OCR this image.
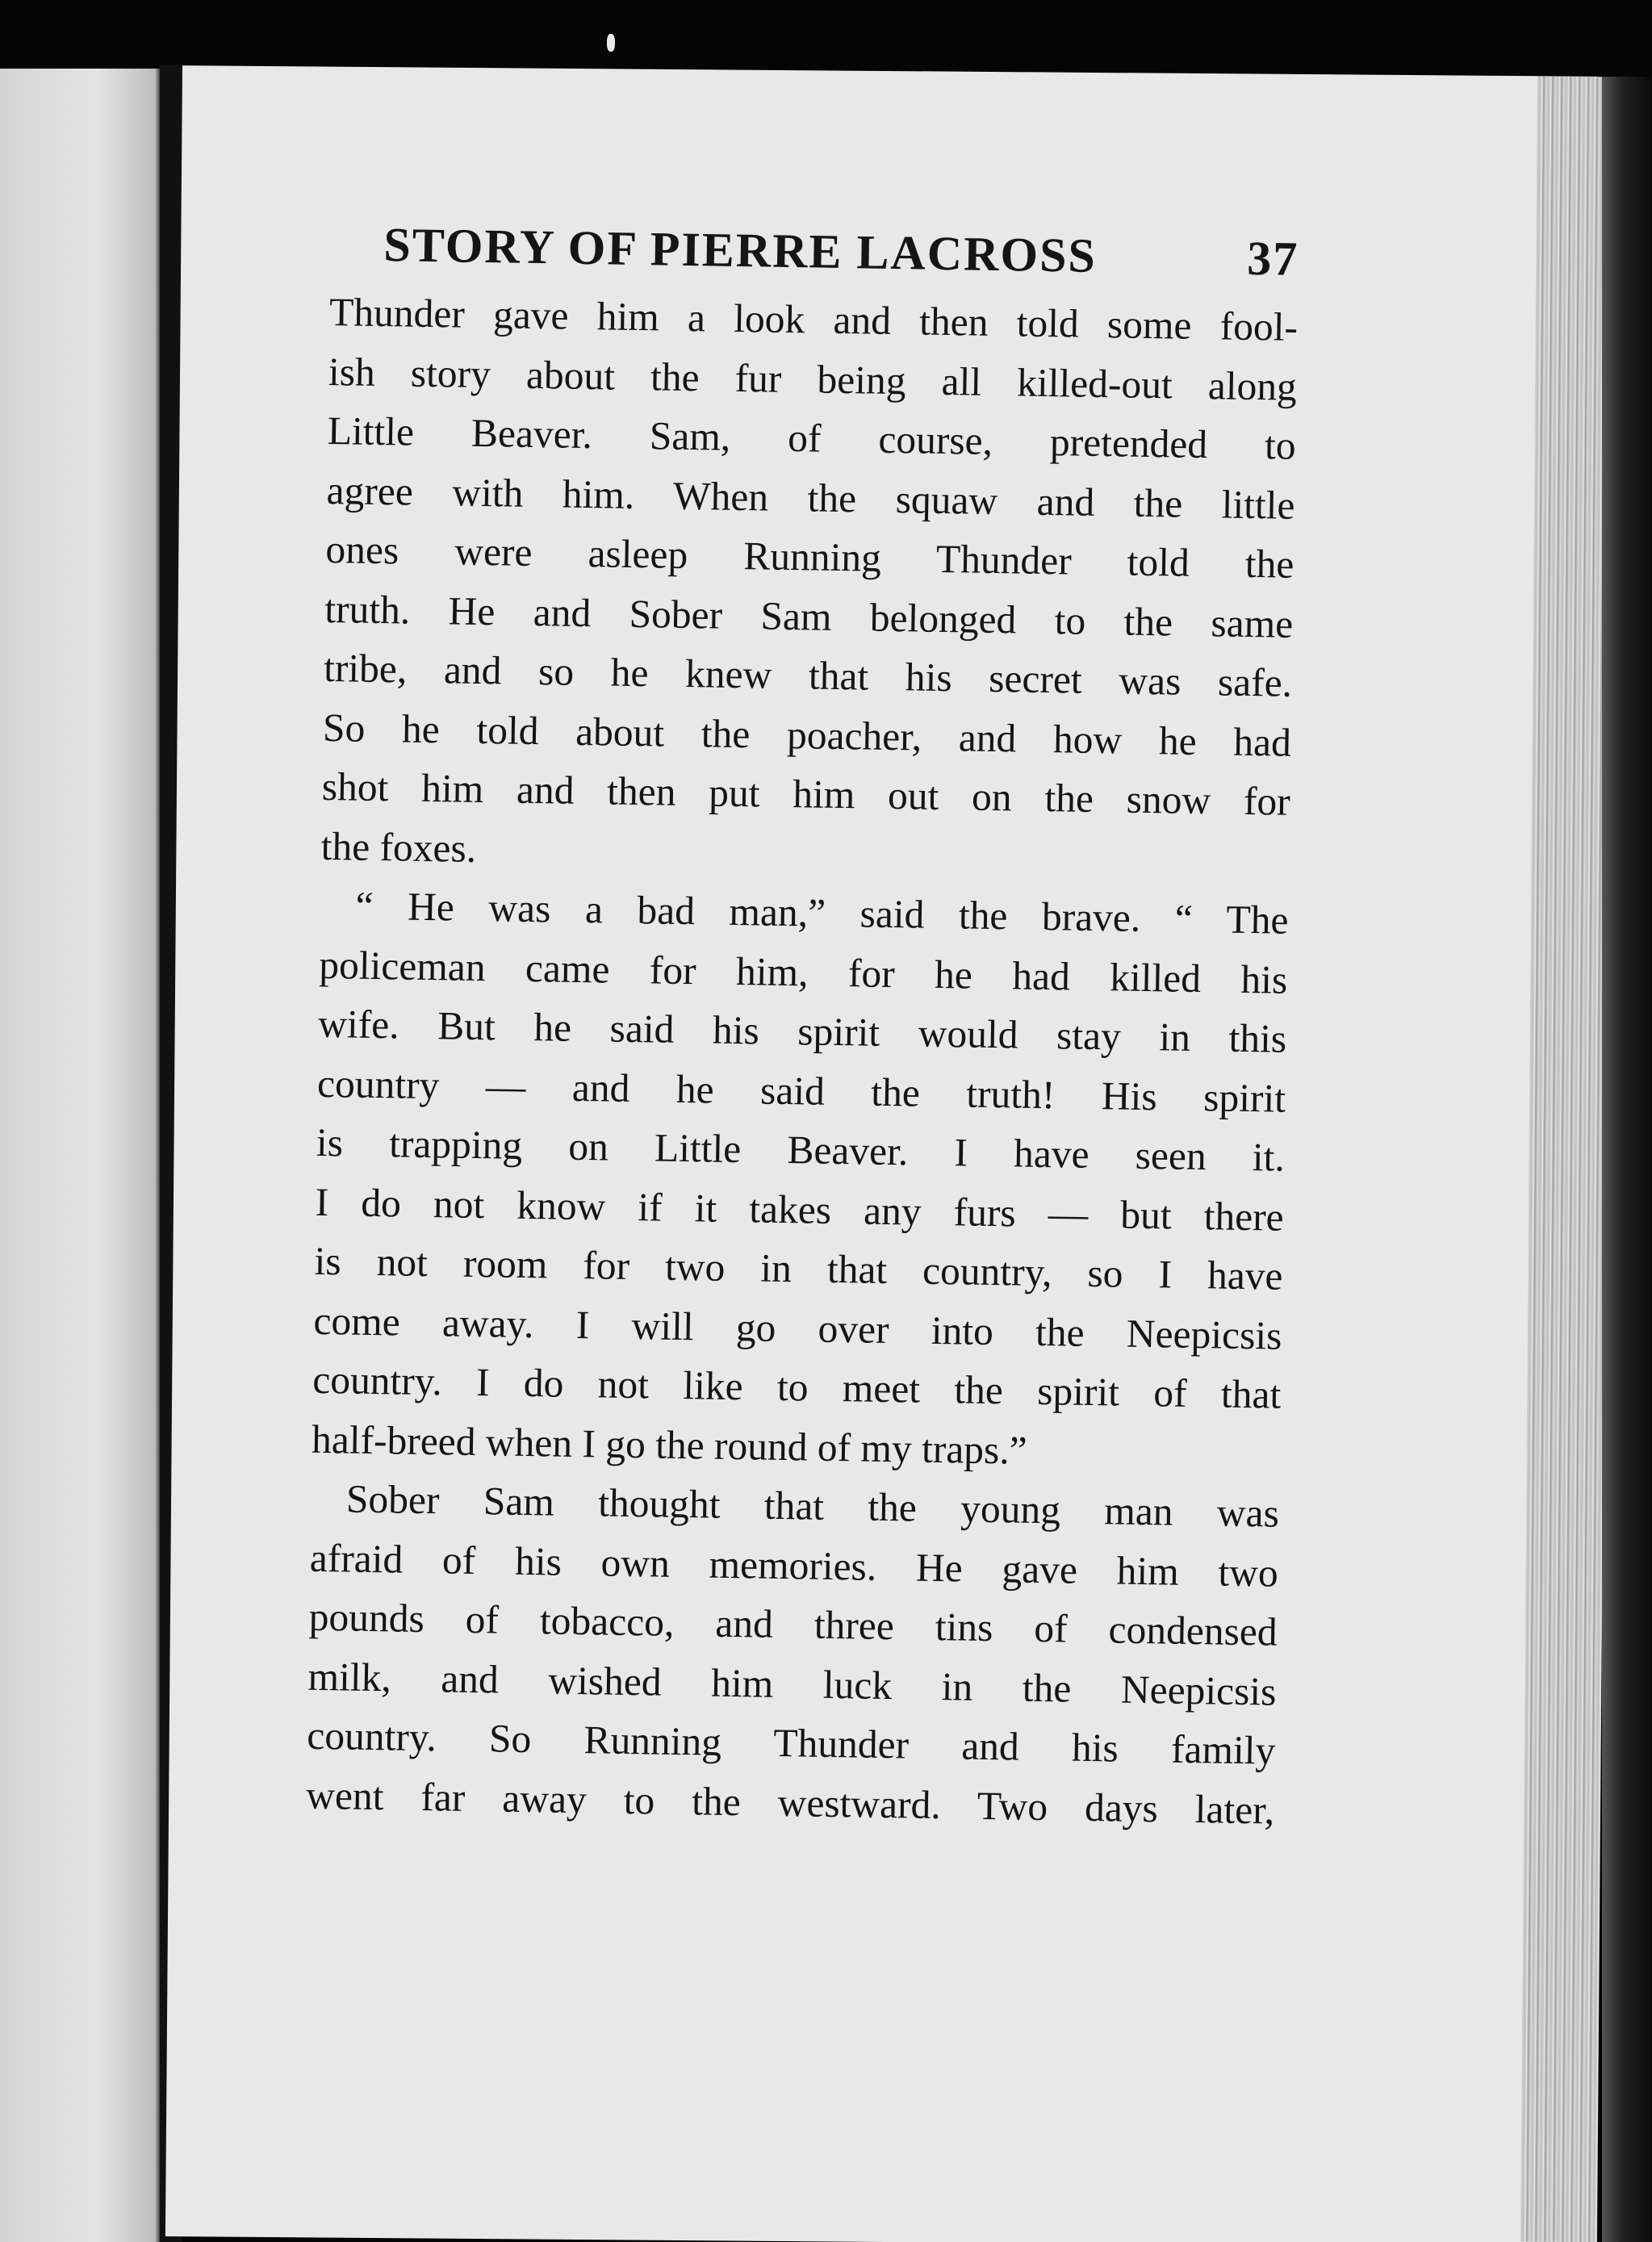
STORY OF PIERRE LACROSS	37
Thunder gave him a look and then told some fool-
ish story about the fur being all killed-out along
Little Beaver. Sam, of course, pretended to
agree with him. When the squaw and the little
ones were asleep Running Thunder told the
truth. He and Sober Sam belonged to the same
tribe, and so he knew that his secret was safe.
So he told about the poacher, and how he had
shot him and then put him out on the snow for
the foxes.
“ He was a bad man,” said the brave. “ The
policeman came for him, for he had killed his
wife. But he said his spirit would stay in this
country — and he said the truth! His spirit
is trapping on Little Beaver. I have seen it.
I do not know if it takes any furs — but there
is not room for two in that country, so I have
come away. I will go over into the Neepicsis
country. I do not like to meet the spirit of that
half-breed when I go the round of my traps.”
Sober Sam thought that the young man was
afraid of his own memories. He gave him two
pounds of tobacco, and three tins of condensed
milk, and wished him luck in the Neepicsis
country. So Running Thunder and his family
went far away to the westward. Two days later,
